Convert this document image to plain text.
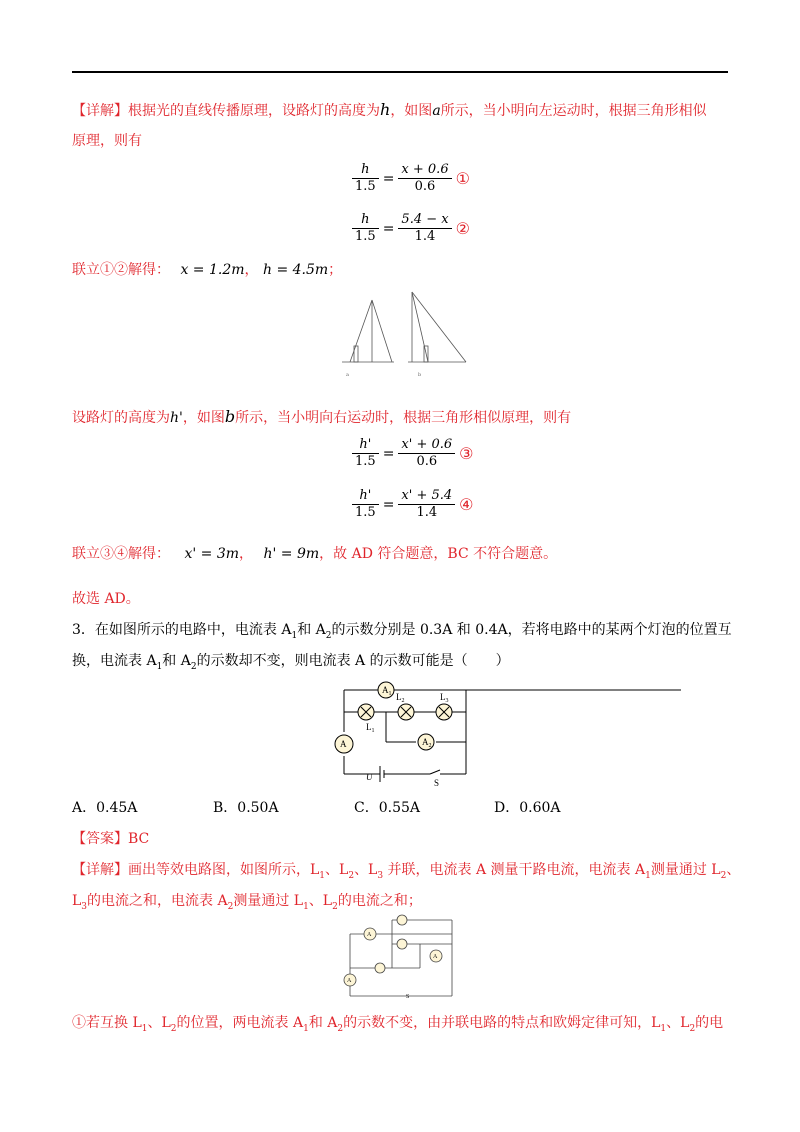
【详解】根据光的直线传播原理，设路灯的高度为h，如图a所示，当小明向左运动时，根据三角形相似
原理，则有
$\frac{h}{1.5} = \frac{x + 0.6}{0.6}$ ①
$\frac{h}{1.5} = \frac{5.4 - x}{1.4}$ ②
联立①②解得： x = 1.2m， h = 4.5m；
a	b
设路灯的高度为h'，如图b所示，当小明向右运动时，根据三角形相似原理，则有
$\frac{h'}{1.5} = \frac{x' + 0.6}{0.6}$ ③
$\frac{h'}{1.5} = \frac{x' + 5.4}{1.4}$ ④
联立③④解得： x' = 3m， h' = 9m，故 AD 符合题意，BC 不符合题意。
故选 AD。
3．在如图所示的电路中，电流表 $A_1$和 $A_2$的示数分别是 0.3A 和 0.4A，若将电路中的某两个灯泡的位置互
换，电流表 $A_1$和 $A_2$的示数却不变，则电流表 A 的示数可能是（　　）
$A_1$
$A_2$
A
$L_2$	$L_3$
$L_1$
U
S
A．0.45A	B．0.50A	C．0.55A	D．0.60A
【答案】BC
【详解】画出等效电路图，如图所示，$L_1$、$L_2$、$L_3$ 并联，电流表 A 测量干路电流，电流表 $A_1$测量通过 $L_2$、
$L_3$的电流之和，电流表 $A_2$测量通过 $L_1$、$L_2$的电流之和；
A
A
A
S
①若互换 $L_1$、$L_2$的位置，两电流表 $A_1$和 $A_2$的示数不变，由并联电路的特点和欧姆定律可知，$L_1$、$L_2$的电
